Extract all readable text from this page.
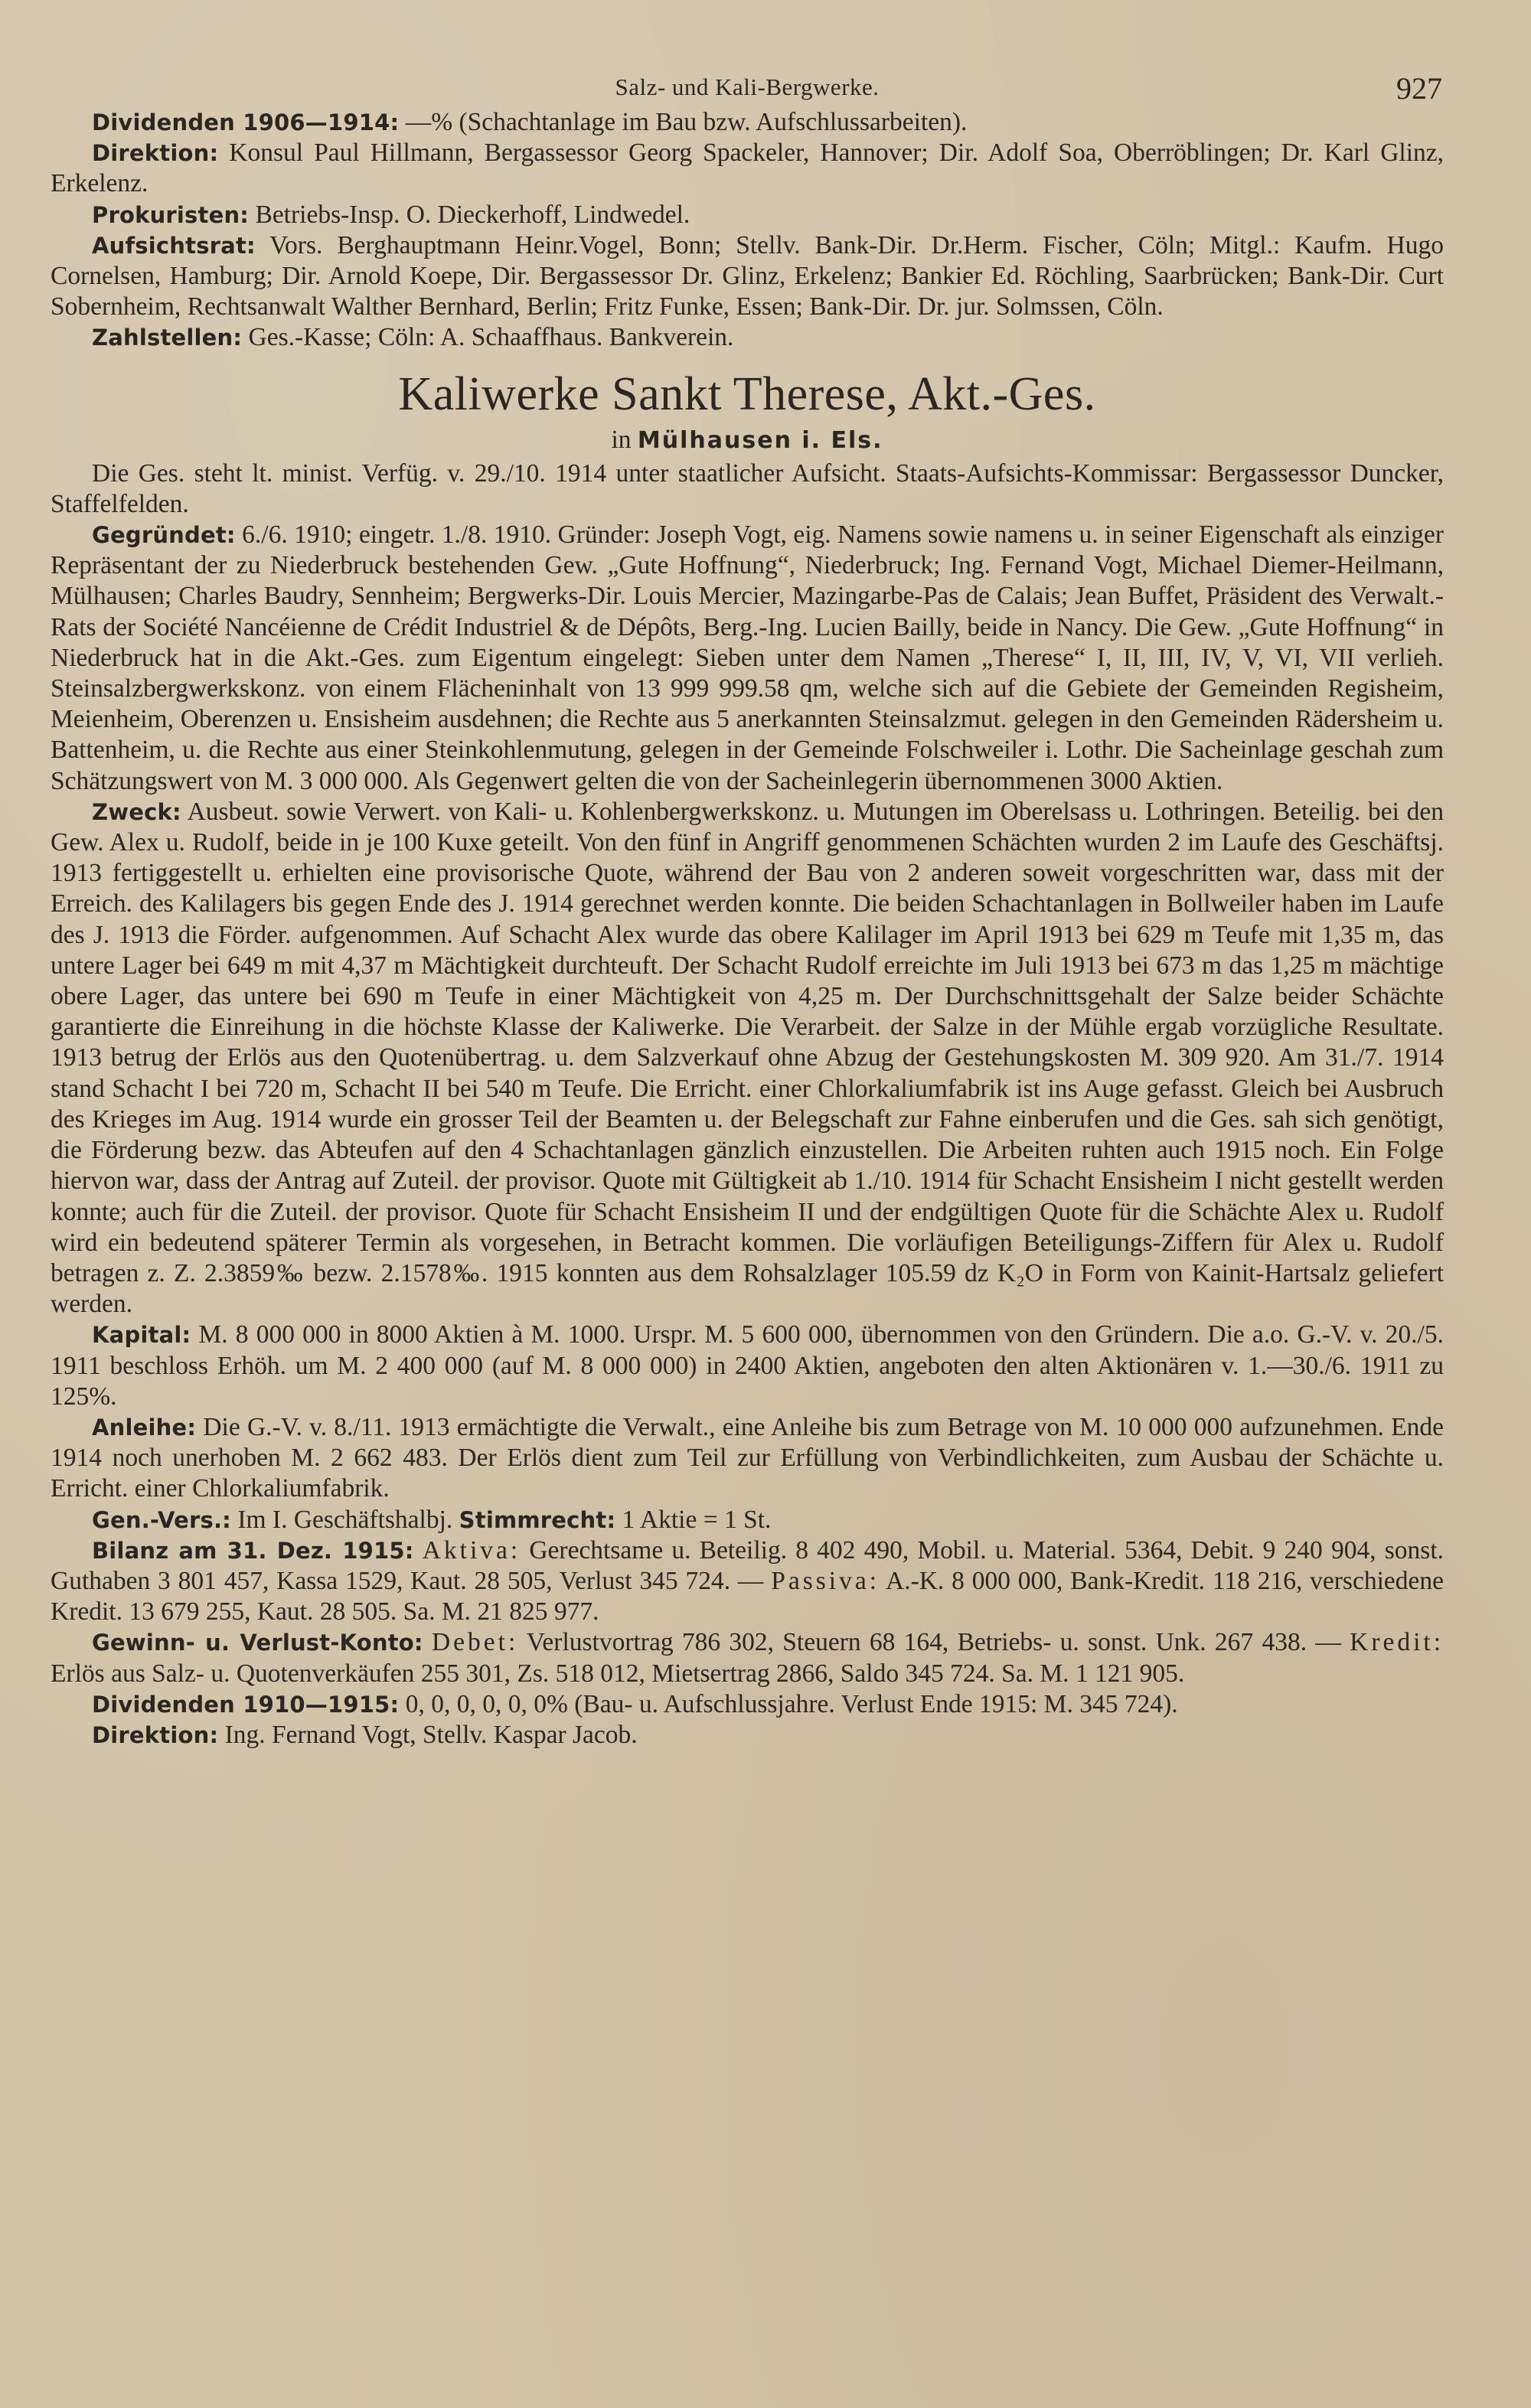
Salz- und Kali-Bergwerke.	927

Dividenden 1906—1914: —% (Schachtanlage im Bau bzw. Aufschlussarbeiten).

Direktion: Konsul Paul Hillmann, Bergassessor Georg Spackeler, Hannover; Dir. Adolf Soa, Oberröblingen; Dr. Karl Glinz, Erkelenz.

Prokuristen: Betriebs-Insp. O. Dieckerhoff, Lindwedel.

Aufsichtsrat: Vors. Berghauptmann Heinr.Vogel, Bonn; Stellv. Bank-Dir. Dr.Herm. Fischer, Cöln; Mitgl.: Kaufm. Hugo Cornelsen, Hamburg; Dir. Arnold Koepe, Dir. Bergassessor Dr. Glinz, Erkelenz; Bankier Ed. Röchling, Saarbrücken; Bank-Dir. Curt Sobernheim, Rechtsanwalt Walther Bernhard, Berlin; Fritz Funke, Essen; Bank-Dir. Dr. jur. Solmssen, Cöln.

Zahlstellen: Ges.-Kasse; Cöln: A. Schaaffhaus. Bankverein.

Kaliwerke Sankt Therese, Akt.-Ges.
in Mülhausen i. Els.

Die Ges. steht lt. minist. Verfüg. v. 29./10. 1914 unter staatlicher Aufsicht. Staats-Aufsichts-Kommissar: Bergassessor Duncker, Staffelfelden.

Gegründet: 6./6. 1910; eingetr. 1./8. 1910. Gründer: Joseph Vogt, eig. Namens sowie namens u. in seiner Eigenschaft als einziger Repräsentant der zu Niederbruck bestehenden Gew. „Gute Hoffnung“, Niederbruck; Ing. Fernand Vogt, Michael Diemer-Heilmann, Mülhausen; Charles Baudry, Sennheim; Bergwerks-Dir. Louis Mercier, Mazingarbe-Pas de Calais; Jean Buffet, Präsident des Verwalt.-Rats der Société Nancéienne de Crédit Industriel & de Dépôts, Berg.-Ing. Lucien Bailly, beide in Nancy. Die Gew. „Gute Hoffnung“ in Niederbruck hat in die Akt.-Ges. zum Eigentum eingelegt: Sieben unter dem Namen „Therese“ I, II, III, IV, V, VI, VII verlieh. Steinsalzbergwerkskonz. von einem Flächeninhalt von 13 999 999.58 qm, welche sich auf die Gebiete der Gemeinden Regisheim, Meienheim, Oberenzen u. Ensisheim ausdehnen; die Rechte aus 5 anerkannten Steinsalzmut. gelegen in den Gemeinden Rädersheim u. Battenheim, u. die Rechte aus einer Steinkohlenmutung, gelegen in der Gemeinde Folschweiler i. Lothr. Die Sacheinlage geschah zum Schätzungswert von M. 3 000 000. Als Gegenwert gelten die von der Sacheinlegerin übernommenen 3000 Aktien.

Zweck: Ausbeut. sowie Verwert. von Kali- u. Kohlenbergwerkskonz. u. Mutungen im Oberelsass u. Lothringen. Beteilig. bei den Gew. Alex u. Rudolf, beide in je 100 Kuxe geteilt. Von den fünf in Angriff genommenen Schächten wurden 2 im Laufe des Geschäftsj. 1913 fertiggestellt u. erhielten eine provisorische Quote, während der Bau von 2 anderen soweit vorgeschritten war, dass mit der Erreich. des Kalilagers bis gegen Ende des J. 1914 gerechnet werden konnte. Die beiden Schachtanlagen in Bollweiler haben im Laufe des J. 1913 die Förder. aufgenommen. Auf Schacht Alex wurde das obere Kalilager im April 1913 bei 629 m Teufe mit 1,35 m, das untere Lager bei 649 m mit 4,37 m Mächtigkeit durchteuft. Der Schacht Rudolf erreichte im Juli 1913 bei 673 m das 1,25 m mächtige obere Lager, das untere bei 690 m Teufe in einer Mächtigkeit von 4,25 m. Der Durchschnittsgehalt der Salze beider Schächte garantierte die Einreihung in die höchste Klasse der Kaliwerke. Die Verarbeit. der Salze in der Mühle ergab vorzügliche Resultate. 1913 betrug der Erlös aus den Quotenübertrag. u. dem Salzverkauf ohne Abzug der Gestehungskosten M. 309 920. Am 31./7. 1914 stand Schacht I bei 720 m, Schacht II bei 540 m Teufe. Die Erricht. einer Chlorkaliumfabrik ist ins Auge gefasst. Gleich bei Ausbruch des Krieges im Aug. 1914 wurde ein grosser Teil der Beamten u. der Belegschaft zur Fahne einberufen und die Ges. sah sich genötigt, die Förderung bezw. das Abteufen auf den 4 Schachtanlagen gänzlich einzustellen. Die Arbeiten ruhten auch 1915 noch. Ein Folge hiervon war, dass der Antrag auf Zuteil. der provisor. Quote mit Gültigkeit ab 1./10. 1914 für Schacht Ensisheim I nicht gestellt werden konnte; auch für die Zuteil. der provisor. Quote für Schacht Ensisheim II und der endgültigen Quote für die Schächte Alex u. Rudolf wird ein bedeutend späterer Termin als vorgesehen, in Betracht kommen. Die vorläufigen Beteiligungs-Ziffern für Alex u. Rudolf betragen z. Z. 2.3859‰ bezw. 2.1578‰. 1915 konnten aus dem Rohsalzlager 105.59 dz K₂O in Form von Kainit-Hartsalz geliefert werden.

Kapital: M. 8 000 000 in 8000 Aktien à M. 1000. Urspr. M. 5 600 000, übernommen von den Gründern. Die a.o. G.-V. v. 20./5. 1911 beschloss Erhöh. um M. 2 400 000 (auf M. 8 000 000) in 2400 Aktien, angeboten den alten Aktionären v. 1.—30./6. 1911 zu 125%.

Anleihe: Die G.-V. v. 8./11. 1913 ermächtigte die Verwalt., eine Anleihe bis zum Betrage von M. 10 000 000 aufzunehmen. Ende 1914 noch unerhoben M. 2 662 483. Der Erlös dient zum Teil zur Erfüllung von Verbindlichkeiten, zum Ausbau der Schächte u. Erricht. einer Chlorkaliumfabrik.

Gen.-Vers.: Im I. Geschäftshalbj. Stimmrecht: 1 Aktie = 1 St.

Bilanz am 31. Dez. 1915: Aktiva: Gerechtsame u. Beteilig. 8 402 490, Mobil. u. Material. 5364, Debit. 9 240 904, sonst. Guthaben 3 801 457, Kassa 1529, Kaut. 28 505, Verlust 345 724. — Passiva: A.-K. 8 000 000, Bank-Kredit. 118 216, verschiedene Kredit. 13 679 255, Kaut. 28 505. Sa. M. 21 825 977.

Gewinn- u. Verlust-Konto: Debet: Verlustvortrag 786 302, Steuern 68 164, Betriebs- u. sonst. Unk. 267 438. — Kredit: Erlös aus Salz- u. Quotenverkäufen 255 301, Zs. 518 012, Mietsertrag 2866, Saldo 345 724. Sa. M. 1 121 905.

Dividenden 1910—1915: 0, 0, 0, 0, 0, 0% (Bau- u. Aufschlussjahre. Verlust Ende 1915: M. 345 724).

Direktion: Ing. Fernand Vogt, Stellv. Kaspar Jacob.
